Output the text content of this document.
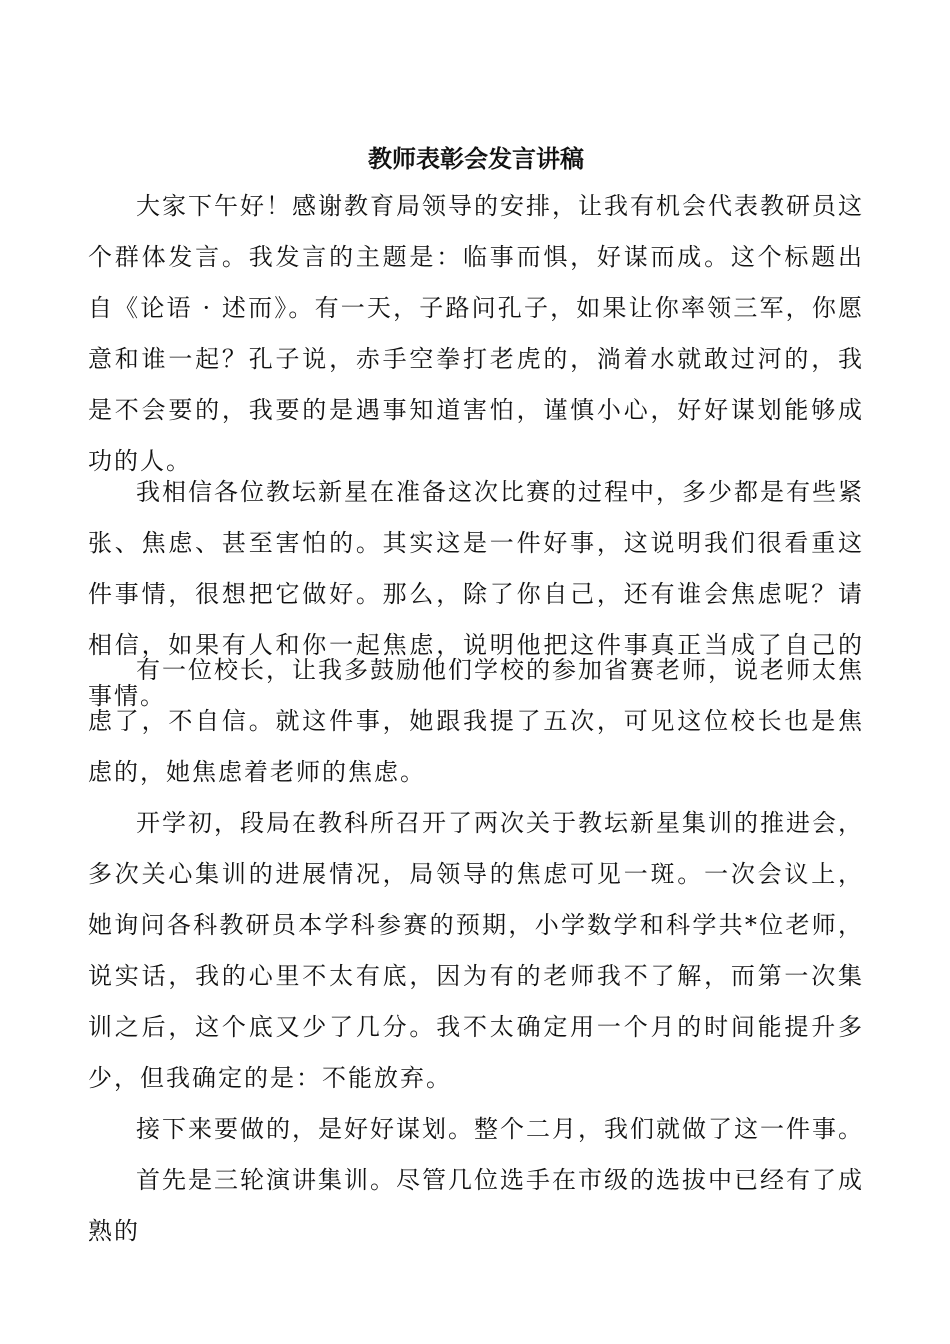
教师表彰会发言讲稿

大家下午好！感谢教育局领导的安排，让我有机会代表教研员这个群体发言。我发言的主题是：临事而惧，好谋而成。这个标题出自《论语 · 述而》。有一天，子路问孔子，如果让你率领三军，你愿意和谁一起？孔子说，赤手空拳打老虎的，淌着水就敢过河的，我是不会要的，我要的是遇事知道害怕，谨慎小心，好好谋划能够成功的人。

我相信各位教坛新星在准备这次比赛的过程中，多少都是有些紧张、焦虑、甚至害怕的。其实这是一件好事，这说明我们很看重这件事情，很想把它做好。那么，除了你自己，还有谁会焦虑呢？请相信，如果有人和你一起焦虑，说明他把这件事真正当成了自己的事情。

有一位校长，让我多鼓励他们学校的参加省赛老师，说老师太焦虑了，不自信。就这件事，她跟我提了五次，可见这位校长也是焦虑的，她焦虑着老师的焦虑。

开学初，段局在教科所召开了两次关于教坛新星集训的推进会，多次关心集训的进展情况，局领导的焦虑可见一斑。一次会议上，她询问各科教研员本学科参赛的预期，小学数学和科学共*位老师，说实话，我的心里不太有底，因为有的老师我不了解，而第一次集训之后，这个底又少了几分。我不太确定用一个月的时间能提升多少，但我确定的是：不能放弃。

接下来要做的，是好好谋划。整个二月，我们就做了这一件事。

首先是三轮演讲集训。尽管几位选手在市级的选拔中已经有了成熟的
